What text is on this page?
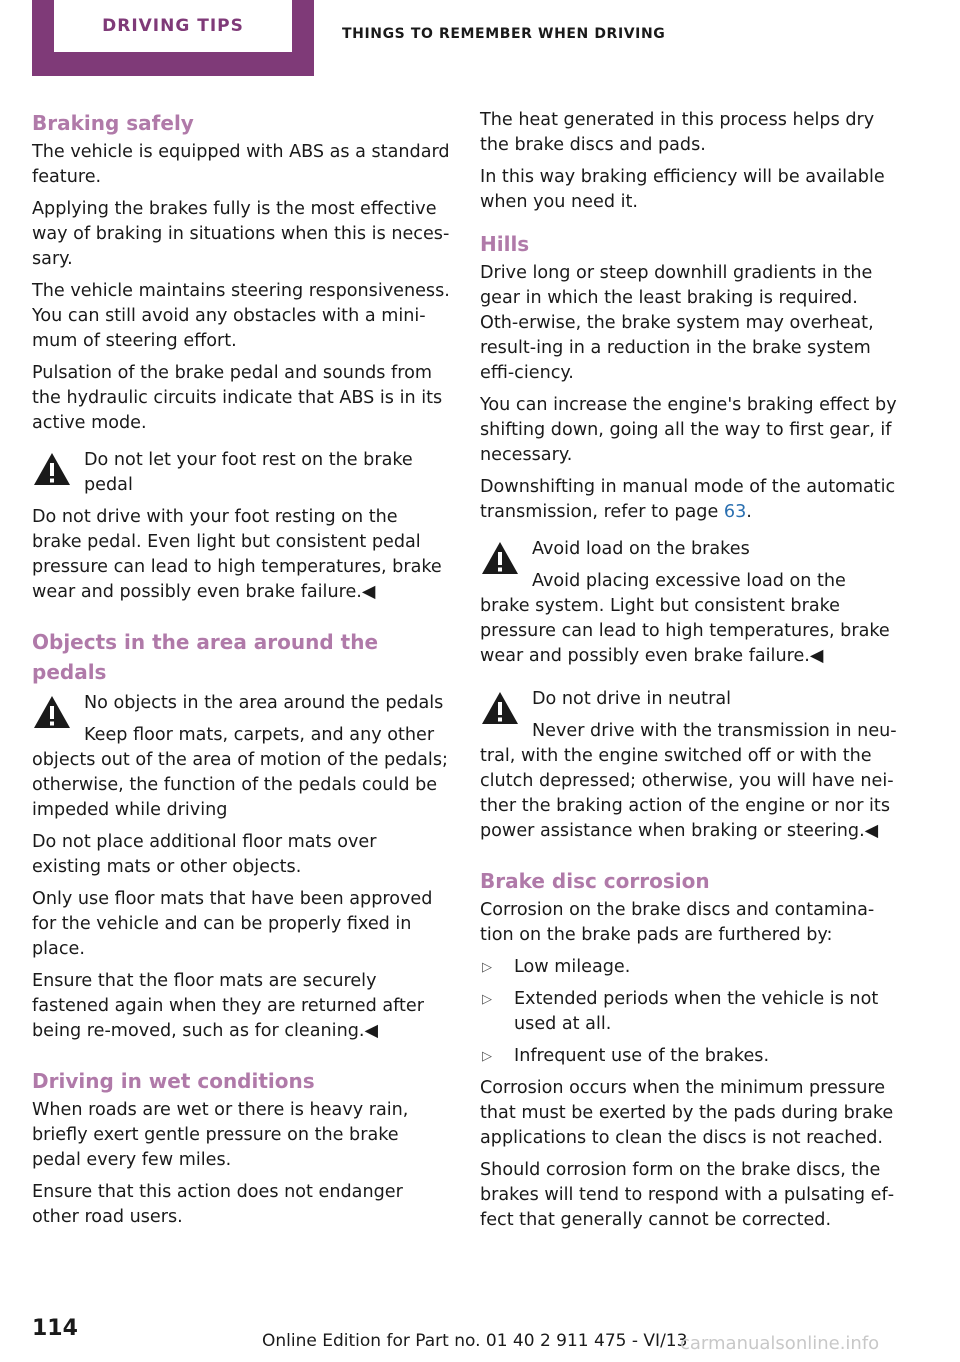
DRIVING TIPS	THINGS TO REMEMBER WHEN DRIVING
Braking safely

The vehicle is equipped with ABS as a standard feature.

Applying the brakes fully is the most effective way of braking in situations when this is neces‐sary.

The vehicle maintains steering responsiveness. You can still avoid any obstacles with a mini‐mum of steering effort.

Pulsation of the brake pedal and sounds from the hydraulic circuits indicate that ABS is in its active mode.

Do not let your foot rest on the brake pedal

Do not drive with your foot resting on the brake pedal. Even light but consistent pedal pressure can lead to high temperatures, brake wear and possibly even brake failure.◀

Objects in the area around the pedals

No objects in the area around the pedals

Keep floor mats, carpets, and any other objects out of the area of motion of the pedals; otherwise, the function of the pedals could be impeded while driving

Do not place additional floor mats over existing mats or other objects.

Only use floor mats that have been approved for the vehicle and can be properly fixed in place.

Ensure that the floor mats are securely fastened again when they are returned after being re‐moved, such as for cleaning.◀

Driving in wet conditions

When roads are wet or there is heavy rain, briefly exert gentle pressure on the brake pedal every few miles.

Ensure that this action does not endanger other road users.

The heat generated in this process helps dry the brake discs and pads.

In this way braking efficiency will be available when you need it.

Hills

Drive long or steep downhill gradients in the gear in which the least braking is required. Oth‐erwise, the brake system may overheat, result‐ing in a reduction in the brake system effi‐ciency.

You can increase the engine's braking effect by shifting down, going all the way to first gear, if necessary.

Downshifting in manual mode of the automatic transmission, refer to page 63.

Avoid load on the brakes

Avoid placing excessive load on the brake system. Light but consistent brake pressure can lead to high temperatures, brake wear and possibly even brake failure.◀

Do not drive in neutral

Never drive with the transmission in neu‐tral, with the engine switched off or with the clutch depressed; otherwise, you will have nei‐ther the braking action of the engine or nor its power assistance when braking or steering.◀

Brake disc corrosion

Corrosion on the brake discs and contamina‐tion on the brake pads are furthered by:

▷ Low mileage.
▷ Extended periods when the vehicle is not used at all.
▷ Infrequent use of the brakes.

Corrosion occurs when the minimum pressure that must be exerted by the pads during brake applications to clean the discs is not reached.

Should corrosion form on the brake discs, the brakes will tend to respond with a pulsating ef‐fect that generally cannot be corrected.

114	Online Edition for Part no. 01 40 2 911 475 - VI/13
carmanualsonline.info
